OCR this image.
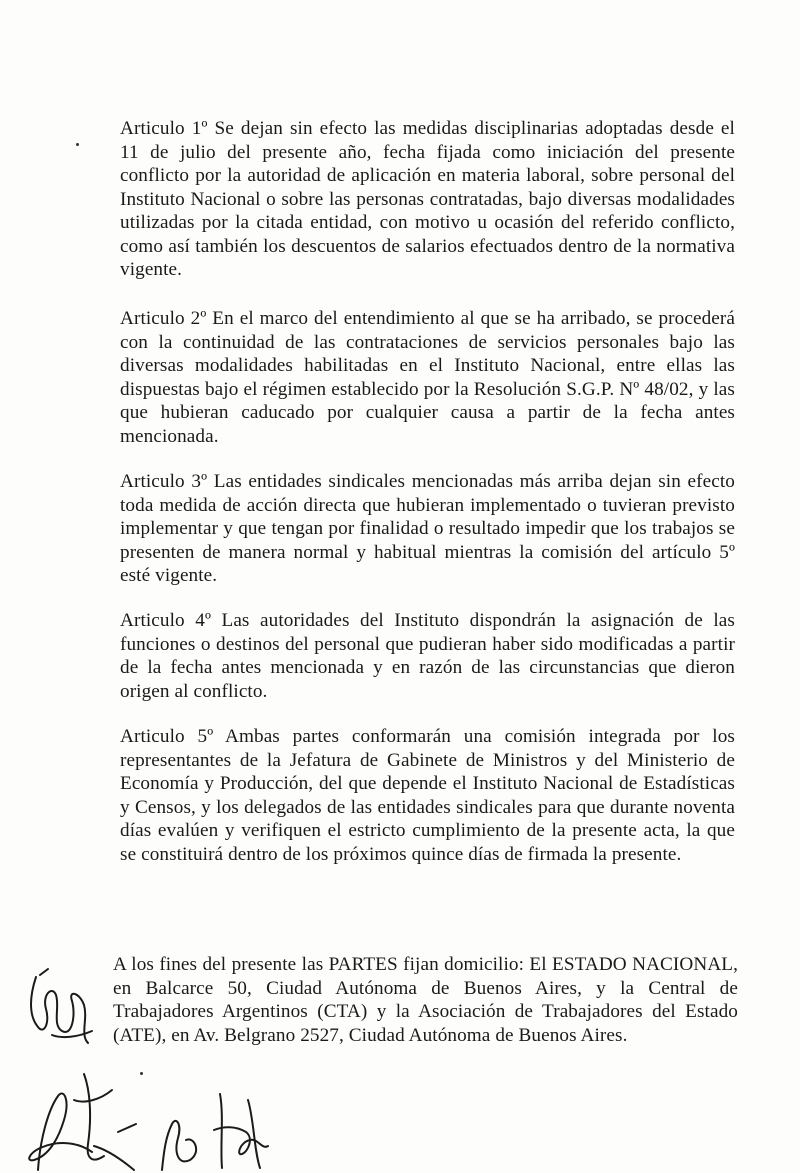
Articulo 1º Se dejan sin efecto las medidas disciplinarias adoptadas desde el 11 de julio del presente año, fecha fijada como iniciación del presente conflicto por la autoridad de aplicación en materia laboral, sobre personal del Instituto Nacional o sobre las personas contratadas, bajo diversas modalidades utilizadas por la citada entidad, con motivo u ocasión del referido conflicto, como así también los descuentos de salarios efectuados dentro de la normativa vigente.

Articulo 2º En el marco del entendimiento al que se ha arribado, se procederá con la continuidad de las contrataciones de servicios personales bajo las diversas modalidades habilitadas en el Instituto Nacional, entre ellas las dispuestas bajo el régimen establecido por la Resolución S.G.P. Nº 48/02, y las que hubieran caducado por cualquier causa a partir de la fecha antes mencionada.

Articulo 3º Las entidades sindicales mencionadas más arriba dejan sin efecto toda medida de acción directa que hubieran implementado o tuvieran previsto implementar y que tengan por finalidad o resultado impedir que los trabajos se presenten de manera normal y habitual mientras la comisión del artículo 5º esté vigente.

Articulo 4º Las autoridades del Instituto dispondrán la asignación de las funciones o destinos del personal que pudieran haber sido modificadas a partir de la fecha antes mencionada y en razón de las circunstancias que dieron origen al conflicto.

Articulo 5º Ambas partes conformarán una comisión integrada por los representantes de la Jefatura de Gabinete de Ministros y del Ministerio de Economía y Producción, del que depende el Instituto Nacional de Estadísticas y Censos, y los delegados de las entidades sindicales para que durante noventa días evalúen y verifiquen el estricto cumplimiento de la presente acta, la que se constituirá dentro de los próximos quince días de firmada la presente.

A los fines del presente las PARTES fijan domicilio: El ESTADO NACIONAL, en Balcarce 50, Ciudad Autónoma de Buenos Aires, y la Central de Trabajadores Argentinos (CTA) y la Asociación de Trabajadores del Estado (ATE), en Av. Belgrano 2527, Ciudad Autónoma de Buenos Aires.
